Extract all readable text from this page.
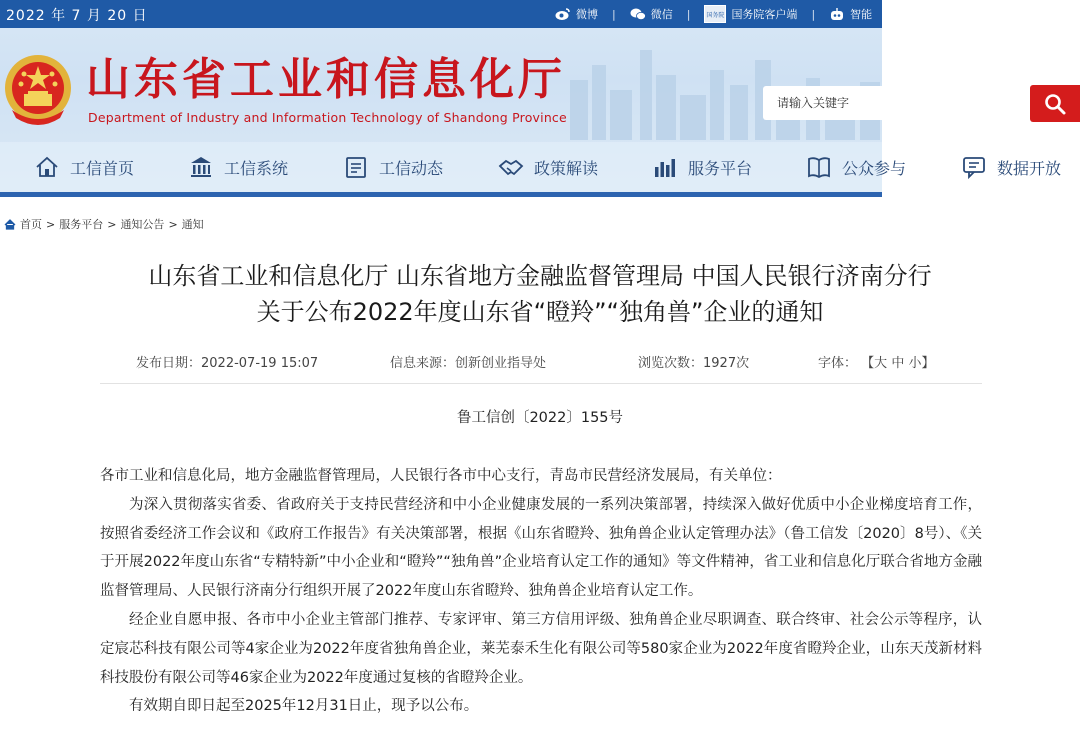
2022 年 7 月 20 日	微博 |	微信 |	国务院 国务院客户端 |	智能
山东省工业和信息化厅
Department of Industry and Information Technology of Shandong Province
工信首页	工信系统	工信动态	政策解读	服务平台	公众参与
请输入关键字	数据开放
首页 > 服务平台 > 通知公告 > 通知
山东省工业和信息化厅 山东省地方金融监督管理局 中国人民银行济南分行
关于公布2022年度山东省“瞪羚”“独角兽”企业的通知
发布日期：2022-07-19 15:07	信息来源：创新创业指导处	浏览次数：1927次	字体： 【大 中 小】
鲁工信创〔2022〕155号

各市工业和信息化局，地方金融监督管理局，人民银行各市中心支行，青岛市民营经济发展局，有关单位：

为深入贯彻落实省委、省政府关于支持民营经济和中小企业健康发展的一系列决策部署，持续深入做好优质中小企业梯度培育工作，按照省委经济工作会议和《政府工作报告》有关决策部署，根据《山东省瞪羚、独角兽企业认定管理办法》（鲁工信发〔2020〕8号）、《关于开展2022年度山东省“专精特新”中小企业和“瞪羚”“独角兽”企业培育认定工作的通知》等文件精神，省工业和信息化厅联合省地方金融监督管理局、人民银行济南分行组织开展了2022年度山东省瞪羚、独角兽企业培育认定工作。

经企业自愿申报、各市中小企业主管部门推荐、专家评审、第三方信用评级、独角兽企业尽职调查、联合终审、社会公示等程序，认定宸芯科技有限公司等4家企业为2022年度省独角兽企业，莱芜泰禾生化有限公司等580家企业为2022年度省瞪羚企业，山东天茂新材料科技股份有限公司等46家企业为2022年度通过复核的省瞪羚企业。

有效期自即日起至2025年12月31日止，现予以公布。
